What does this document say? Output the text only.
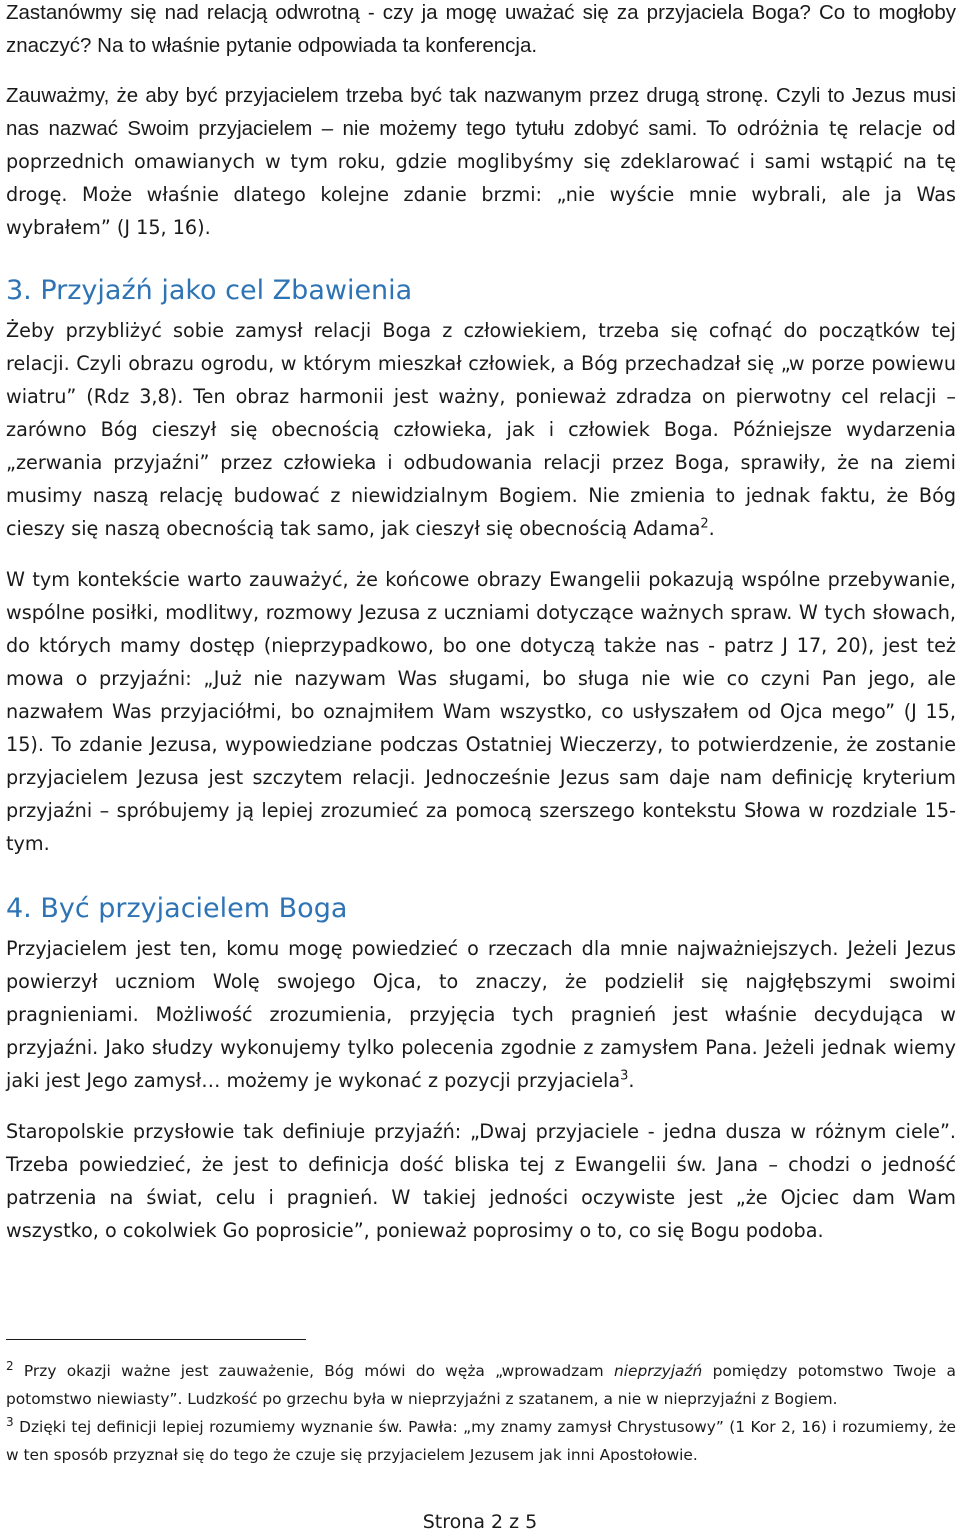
Zastanówmy się nad relacją odwrotną - czy ja mogę uważać się za przyjaciela Boga? Co to mogłoby znaczyć? Na to właśnie pytanie odpowiada ta konferencja.

Zauważmy, że aby być przyjacielem trzeba być tak nazwanym przez drugą stronę. Czyli to Jezus musi nas nazwać Swoim przyjacielem – nie możemy tego tytułu zdobyć sami. To odróżnia tę relacje od poprzednich omawianych w tym roku, gdzie moglibyśmy się zdeklarować i sami wstąpić na tę drogę. Może właśnie dlatego kolejne zdanie brzmi: „nie wyście mnie wybrali, ale ja Was wybrałem” (J 15, 16).

3. Przyjaźń jako cel Zbawienia

Żeby przybliżyć sobie zamysł relacji Boga z człowiekiem, trzeba się cofnąć do początków tej relacji. Czyli obrazu ogrodu, w którym mieszkał człowiek, a Bóg przechadzał się „w porze powiewu wiatru” (Rdz 3,8). Ten obraz harmonii jest ważny, ponieważ zdradza on pierwotny cel relacji – zarówno Bóg cieszył się obecnością człowieka, jak i człowiek Boga. Późniejsze wydarzenia „zerwania przyjaźni” przez człowieka i odbudowania relacji przez Boga, sprawiły, że na ziemi musimy naszą relację budować z niewidzialnym Bogiem. Nie zmienia to jednak faktu, że Bóg cieszy się naszą obecnością tak samo, jak cieszył się obecnością Adama$^2$.

W tym kontekście warto zauważyć, że końcowe obrazy Ewangelii pokazują wspólne przebywanie, wspólne posiłki, modlitwy, rozmowy Jezusa z uczniami dotyczące ważnych spraw. W tych słowach, do których mamy dostęp (nieprzypadkowo, bo one dotyczą także nas - patrz J 17, 20), jest też mowa o przyjaźni: „Już nie nazywam Was sługami, bo sługa nie wie co czyni Pan jego, ale nazwałem Was przyjaciółmi, bo oznajmiłem Wam wszystko, co usłyszałem od Ojca mego” (J 15, 15). To zdanie Jezusa, wypowiedziane podczas Ostatniej Wieczerzy, to potwierdzenie, że zostanie przyjacielem Jezusa jest szczytem relacji. Jednocześnie Jezus sam daje nam definicję kryterium przyjaźni – spróbujemy ją lepiej zrozumieć za pomocą szerszego kontekstu Słowa w rozdziale 15-tym.

4. Być przyjacielem Boga

Przyjacielem jest ten, komu mogę powiedzieć o rzeczach dla mnie najważniejszych. Jeżeli Jezus powierzył uczniom Wolę swojego Ojca, to znaczy, że podzielił się najgłębszymi swoimi pragnieniami. Możliwość zrozumienia, przyjęcia tych pragnień jest właśnie decydująca w przyjaźni. Jako słudzy wykonujemy tylko polecenia zgodnie z zamysłem Pana. Jeżeli jednak wiemy jaki jest Jego zamysł… możemy je wykonać z pozycji przyjaciela$^3$.

Staropolskie przysłowie tak definiuje przyjaźń: „Dwaj przyjaciele - jedna dusza w różnym ciele”. Trzeba powiedzieć, że jest to definicja dość bliska tej z Ewangelii św. Jana – chodzi o jedność patrzenia na świat, celu i pragnień. W takiej jedności oczywiste jest „że Ojciec dam Wam wszystko, o cokolwiek Go poprosicie”, ponieważ poprosimy o to, co się Bogu podoba.

$^2$ Przy okazji ważne jest zauważenie, Bóg mówi do węża „wprowadzam nieprzyjaźń pomiędzy potomstwo Twoje a potomstwo niewiasty”. Ludzkość po grzechu była w nieprzyjaźni z szatanem, a nie w nieprzyjaźni z Bogiem.

$^3$ Dzięki tej definicji lepiej rozumiemy wyznanie św. Pawła: „my znamy zamysł Chrystusowy” (1 Kor 2, 16) i rozumiemy, że w ten sposób przyznał się do tego że czuje się przyjacielem Jezusem jak inni Apostołowie.

Strona 2 z 5
